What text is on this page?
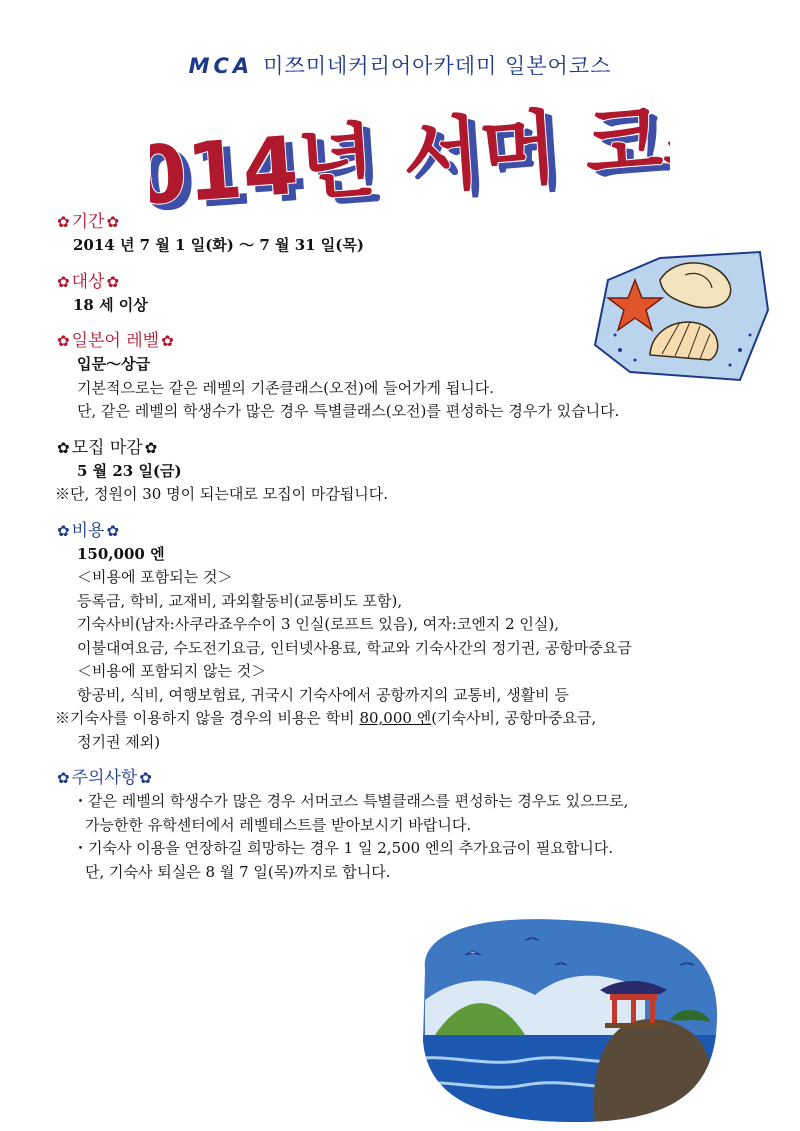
MCA 미쯔미네커리어아카데미 일본어코스
2014년 서머 코스
2014년 서머 코스
✿ 기간 ✿
2014 년 7 월 1 일(화) ～ 7 월 31 일(목)
✿ 대상 ✿
18 세 이상
✿ 일본어 레벨 ✿
입문～상급
기본적으로는 같은 레벨의 기존클래스(오전)에 들어가게 됩니다.
단, 같은 레벨의 학생수가 많은 경우 특별클래스(오전)를 편성하는 경우가 있습니다.
✿ 모집 마감 ✿
5 월 23 일(금)
※단, 정원이 30 명이 되는대로 모집이 마감됩니다.
✿ 비용 ✿
150,000 엔
＜비용에 포함되는 것＞
등록금, 학비, 교재비, 과외활동비(교통비도 포함),
기숙사비(남자:사쿠라죠우수이 3 인실(로프트 있음), 여자:코엔지 2 인실),
이불대여요금, 수도전기요금, 인터넷사용료, 학교와 기숙사간의 정기권, 공항마중요금
＜비용에 포함되지 않는 것＞
항공비, 식비, 여행보험료, 귀국시 기숙사에서 공항까지의 교통비, 생활비 등
※기숙사를 이용하지 않을 경우의 비용은 학비 80,000 엔(기숙사비, 공항마중요금,
정기권 제외)
✿ 주의사항 ✿
・같은 레벨의 학생수가 많은 경우 서머코스 특별클래스를 편성하는 경우도 있으므로,
가능한한 유학센터에서 레벨테스트를 받아보시기 바랍니다.
・기숙사 이용을 연장하길 희망하는 경우 1 일 2,500 엔의 추가요금이 필요합니다.
단, 기숙사 퇴실은 8 월 7 일(목)까지로 합니다.
